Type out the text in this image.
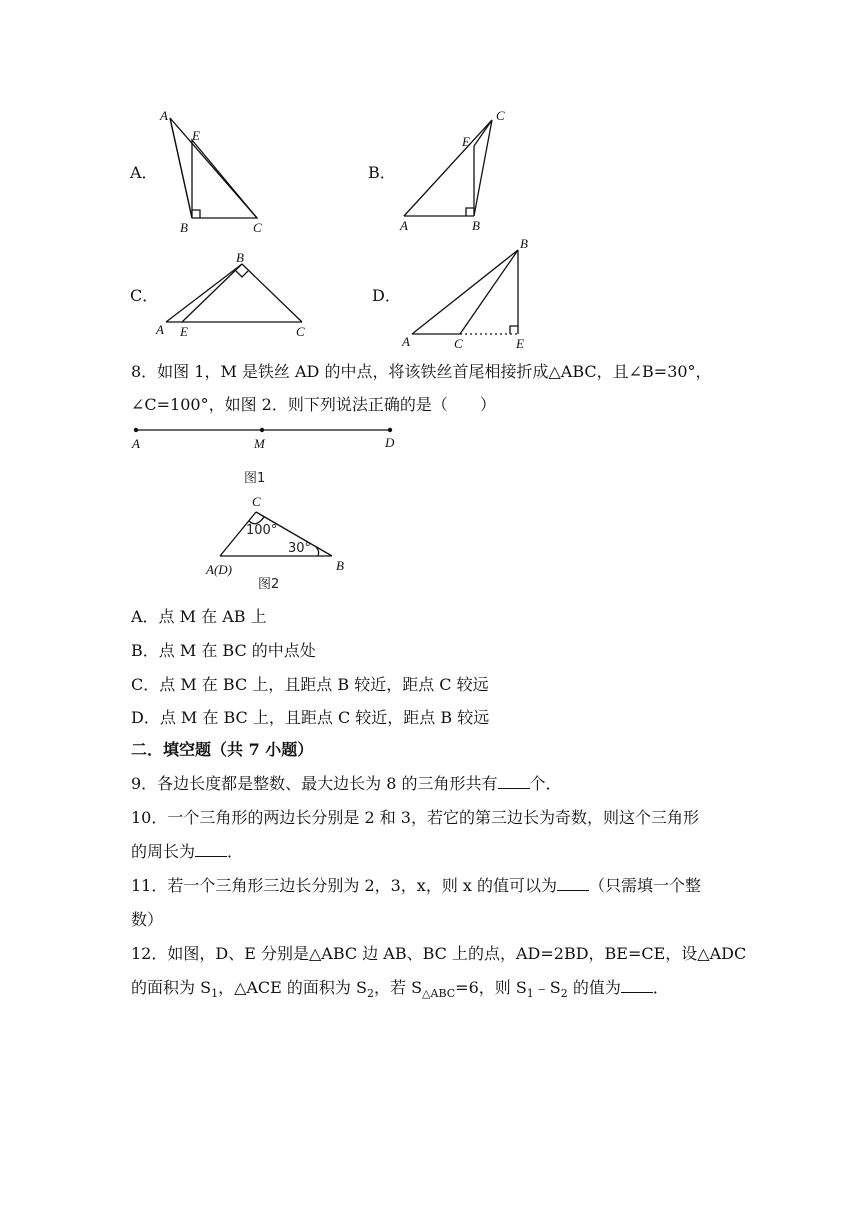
A．	B．
C．	D．
A
E
B	C	A
E
B
C
A E
B
C
A	C
B
E
8．如图 1，M 是铁丝 AD 的中点，将该铁丝首尾相接折成△ABC，且∠B=30°，
∠C=100°，如图 2．则下列说法正确的是（　　）
A	M	D
图1
C
100°
30°
A(D)	B
图2
A．点 M 在 AB 上
B．点 M 在 BC 的中点处
C．点 M 在 BC 上，且距点 B 较近，距点 C 较远
D．点 M 在 BC 上，且距点 C 较近，距点 B 较远
二．填空题（共 7 小题）
9．各边长度都是整数、最大边长为 8 的三角形共有 个．
10．一个三角形的两边长分别是 2 和 3，若它的第三边长为奇数，则这个三角形
的周长为 ．
11．若一个三角形三边长分别为 2，3，x，则 x 的值可以为 （只需填一个整
数）
12．如图，D、E 分别是△ABC 边 AB、BC 上的点，AD=2BD，BE=CE，设△ADC
的面积为 $S_1$，△ACE 的面积为 $S_2$，若 $S_{\triangle ABC}=6$，则 $S_1﹣S_2$ 的值为 ．
